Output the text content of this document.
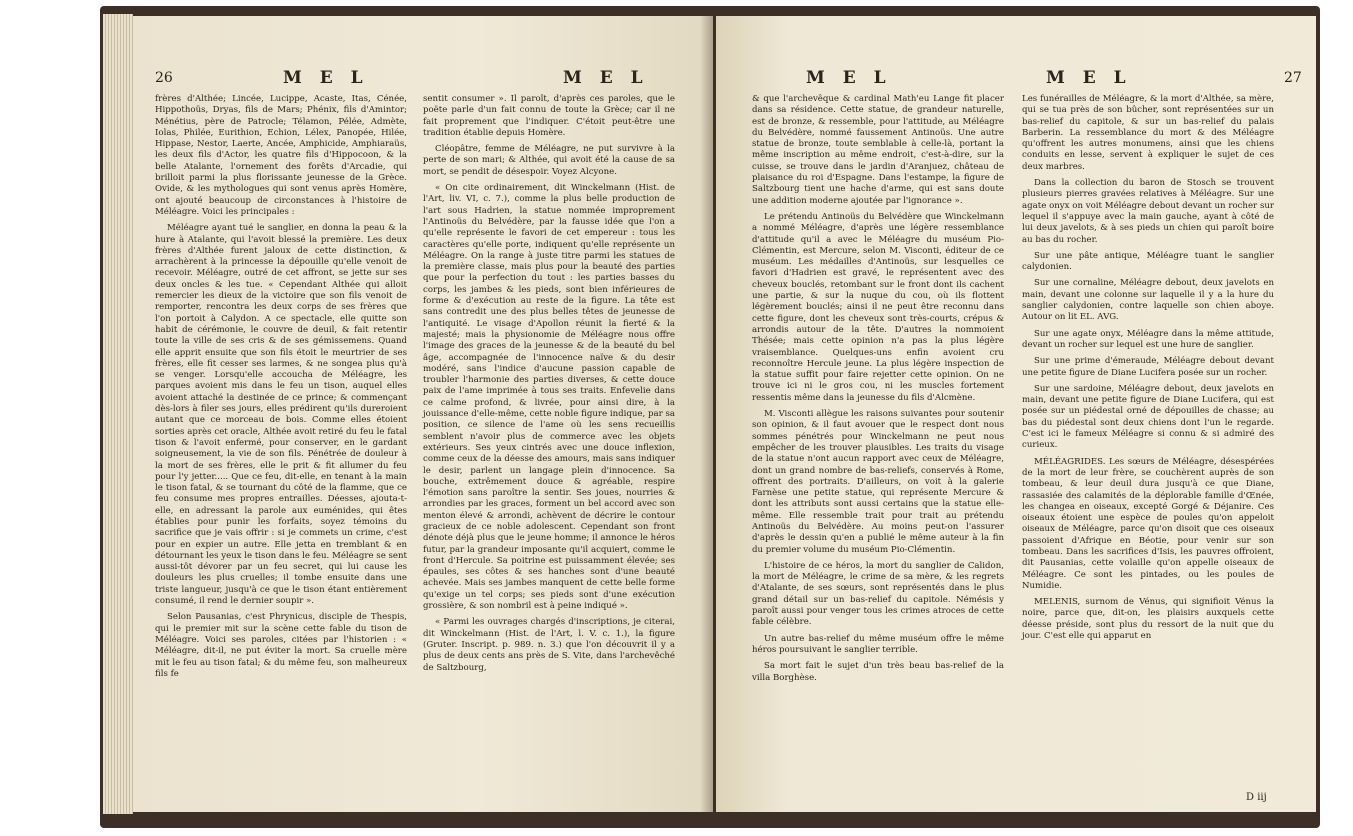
26	M E L	M E L

frères d'Althée; Lincée, Lucippe, Acaste, Itas, Cénée, Hippothoüs, Dryas, fils de Mars; Phénix, fils d'Amintor; Ménétius, père de Patrocle; Télamon, Pélée, Admète, Iolas, Philée, Eurithion, Echion, Lélex, Panopée, Hilée, Hippase, Nestor, Laerte, Ancée, Amphicide, Amphiaraüs, les deux fils d'Actor, les quatre fils d'Hippocoon, & la belle Atalante, l'ornement des forêts d'Arcadie, qui brilloit parmi la plus florissante jeunesse de la Grèce. Ovide, & les mythologues qui sont venus après Homère, ont ajouté beaucoup de circonstances à l'histoire de Méléagre. Voici les principales :

Méléagre ayant tué le sanglier, en donna la peau & la hure à Atalante, qui l'avoit blessé la première. Les deux frères d'Althée furent jaloux de cette distinction, & arrachèrent à la princesse la dépouille qu'elle venoit de recevoir. Méléagre, outré de cet affront, se jette sur ses deux oncles & les tue. « Cependant Althée qui alloit remercier les dieux de la victoire que son fils venoit de remporter, rencontra les deux corps de ses frères que l'on portoit à Calydon. A ce spectacle, elle quitte son habit de cérémonie, le couvre de deuil, & fait retentir toute la ville de ses cris & de ses gémissemens. Quand elle apprit ensuite que son fils étoit le meurtrier de ses frères, elle fit cesser ses larmes, & ne songea plus qu'à se venger. Lorsqu'elle accoucha de Méléagre, les parques avoient mis dans le feu un tison, auquel elles avoient attaché la destinée de ce prince; & commençant dès-lors à filer ses jours, elles prédirent qu'ils dureroient autant que ce morceau de bois. Comme elles étoient sorties après cet oracle, Althée avoit retiré du feu le fatal tison & l'avoit enfermé, pour conserver, en le gardant soigneusement, la vie de son fils. Pénétrée de douleur à la mort de ses frères, elle le prit & fit allumer du feu pour l'y jetter..... Que ce feu, dit-elle, en tenant à la main le tison fatal, & se tournant du côté de la flamme, que ce feu consume mes propres entrailles. Déesses, ajouta-t-elle, en adressant la parole aux euménides, qui êtes établies pour punir les forfaits, soyez témoins du sacrifice que je vais offrir : si je commets un crime, c'est pour en expier un autre. Elle jetta en tremblant & en détournant les yeux le tison dans le feu. Méléagre se sent aussi-tôt dévorer par un feu secret, qui lui cause les douleurs les plus cruelles; il tombe ensuite dans une triste langueur, jusqu'à ce que le tison étant entièrement consumé, il rend le dernier soupir ».

Selon Pausanias, c'est Phrynicus, disciple de Thespis, qui le premier mit sur la scène cette fable du tison de Méléagre. Voici ses paroles, citées par l'historien : « Méléagre, dit-il, ne put éviter la mort. Sa cruelle mère mit le feu au tison fatal; & du même feu, son malheureux fils fe

sentit consumer ». Il paroît, d'après ces paroles, que le poëte parle d'un fait connu de toute la Grèce; car il ne fait proprement que l'indiquer. C'étoit peut-être une tradition établie depuis Homère.

Cléopâtre, femme de Méléagre, ne put survivre à la perte de son mari; & Althée, qui avoit été la cause de sa mort, se pendit de désespoir. Voyez Alcyone.

« On cite ordinairement, dit Winckelmann (Hist. de l'Art, liv. VI, c. 7.), comme la plus belle production de l'art sous Hadrien, la statue nommée improprement l'Antinoüs du Belvédère, par la fausse idée que l'on a qu'elle représente le favori de cet empereur : tous les caractères qu'elle porte, indiquent qu'elle représente un Méléagre. On la range à juste titre parmi les statues de la première classe, mais plus pour la beauté des parties que pour la perfection du tout : les parties basses du corps, les jambes & les pieds, sont bien inférieures de forme & d'exécution au reste de la figure. La tête est sans contredit une des plus belles têtes de jeunesse de l'antiquité. Le visage d'Apollon réunit la fierté & la majesté; mais la physionomie de Méléagre nous offre l'image des graces de la jeunesse & de la beauté du bel âge, accompagnée de l'innocence naïve & du desir modéré, sans l'indice d'aucune passion capable de troubler l'harmonie des parties diverses, & cette douce paix de l'ame imprimée à tous ses traits. Enfevelie dans ce calme profond, & livrée, pour ainsi dire, à la jouissance d'elle-même, cette noble figure indique, par sa position, ce silence de l'ame où les sens recueillis semblent n'avoir plus de commerce avec les objets extérieurs. Ses yeux cintrés avec une douce inflexion, comme ceux de la déesse des amours, mais sans indiquer le desir, parlent un langage plein d'innocence. Sa bouche, extrêmement douce & agréable, respire l'émotion sans paroître la sentir. Ses joues, nourries & arrondies par les graces, forment un bel accord avec son menton élevé & arrondi, achèvent de décrire le contour gracieux de ce noble adolescent. Cependant son front dénote déjà plus que le jeune homme; il annonce le héros futur, par la grandeur imposante qu'il acquiert, comme le front d'Hercule. Sa poitrine est puissamment élevée; ses épaules, ses côtes & ses hanches sont d'une beauté achevée. Mais ses jambes manquent de cette belle forme qu'exige un tel corps; ses pieds sont d'une exécution grossière, & son nombril est à peine indiqué ».

« Parmi les ouvrages chargés d'inscriptions, je citerai, dit Winckelmann (Hist. de l'Art, l. V. c. 1.), la figure (Gruter. Inscript. p. 989. n. 3.) que l'on découvrit il y a plus de deux cents ans près de S. Vite, dans l'archevêché de Saltzbourg,

M E L	M E L	27

& que l'archevêque & cardinal Math'eu Lange fit placer dans sa résidence. Cette statue, de grandeur naturelle, est de bronze, & ressemble, pour l'attitude, au Méléagre du Belvédère, nommé faussement Antinoüs. Une autre statue de bronze, toute semblable à celle-là, portant la même inscription au même endroit, c'est-à-dire, sur la cuisse, se trouve dans le jardin d'Aranjuez, château de plaisance du roi d'Espagne. Dans l'estampe, la figure de Saltzbourg tient une hache d'arme, qui est sans doute une addition moderne ajoutée par l'ignorance ».

Le prétendu Antinoüs du Belvédère que Winckelmann a nommé Méléagre, d'après une légère ressemblance d'attitude qu'il a avec le Méléagre du muséum Pio-Clémentin, est Mercure, selon M. Visconti, éditeur de ce muséum. Les médailles d'Antinoüs, sur lesquelles ce favori d'Hadrien est gravé, le représentent avec des cheveux bouclés, retombant sur le front dont ils cachent une partie, & sur la nuque du cou, où ils flottent légèrement bouclés; ainsi il ne peut être reconnu dans cette figure, dont les cheveux sont très-courts, crépus & arrondis autour de la tête. D'autres la nommoient Thésée; mais cette opinion n'a pas la plus légère vraisemblance. Quelques-uns enfin avoient cru reconnoître Hercule jeune. La plus légère inspection de la statue suffit pour faire rejetter cette opinion. On ne trouve ici ni le gros cou, ni les muscles fortement ressentis même dans la jeunesse du fils d'Alcmène.

M. Visconti allègue les raisons suivantes pour soutenir son opinion, & il faut avouer que le respect dont nous sommes pénétrés pour Winckelmann ne peut nous empêcher de les trouver plausibles. Les traits du visage de la statue n'ont aucun rapport avec ceux de Méléagre, dont un grand nombre de bas-reliefs, conservés à Rome, offrent des portraits. D'ailleurs, on voit à la galerie Farnèse une petite statue, qui représente Mercure & dont les attributs sont aussi certains que la statue elle-même. Elle ressemble trait pour trait au prétendu Antinoüs du Belvédère. Au moins peut-on l'assurer d'après le dessin qu'en a publié le même auteur à la fin du premier volume du muséum Pio-Clémentin.

L'histoire de ce héros, la mort du sanglier de Calidon, la mort de Méléagre, le crime de sa mère, & les regrets d'Atalante, de ses sœurs, sont représentés dans le plus grand détail sur un bas-relief du capitole. Némésis y paroît aussi pour venger tous les crimes atroces de cette fable célèbre.

Un autre bas-relief du même muséum offre le même héros poursuivant le sanglier terrible.

Sa mort fait le sujet d'un très beau bas-relief de la villa Borghèse.

Les funérailles de Méléagre, & la mort d'Althée, sa mère, qui se tua près de son bûcher, sont représentées sur un bas-relief du capitole, & sur un bas-relief du palais Barberin. La ressemblance du mort & des Méléagre qu'offrent les autres monumens, ainsi que les chiens conduits en lesse, servent à expliquer le sujet de ces deux marbres.

Dans la collection du baron de Stosch se trouvent plusieurs pierres gravées relatives à Méléagre. Sur une agate onyx on voit Méléagre debout devant un rocher sur lequel il s'appuye avec la main gauche, ayant à côté de lui deux javelots, & à ses pieds un chien qui paroît boire au bas du rocher.

Sur une pâte antique, Méléagre tuant le sanglier calydonien.

Sur une cornaline, Méléagre debout, deux javelots en main, devant une colonne sur laquelle il y a la hure du sanglier calydonien, contre laquelle son chien aboye. Autour on lit EL. AVG.

Sur une agate onyx, Méléagre dans la même attitude, devant un rocher sur lequel est une hure de sanglier.

Sur une prime d'émeraude, Méléagre debout devant une petite figure de Diane Lucifera posée sur un rocher.

Sur une sardoine, Méléagre debout, deux javelots en main, devant une petite figure de Diane Lucifera, qui est posée sur un piédestal orné de dépouilles de chasse; au bas du piédestal sont deux chiens dont l'un le regarde. C'est ici le fameux Méléagre si connu & si admiré des curieux.

MÉLÉAGRIDES. Les sœurs de Méléagre, désespérées de la mort de leur frère, se couchèrent auprès de son tombeau, & leur deuil dura jusqu'à ce que Diane, rassasiée des calamités de la déplorable famille d'Œnée, les changea en oiseaux, excepté Gorgé & Déjanire. Ces oiseaux étoient une espèce de poules qu'on appeloit oiseaux de Méléagre, parce qu'on disoit que ces oiseaux passoient d'Afrique en Béotie, pour venir sur son tombeau. Dans les sacrifices d'Isis, les pauvres offroient, dit Pausanias, cette volaille qu'on appelle oiseaux de Méléagre. Ce sont les pintades, ou les poules de Numidie.

MELENIS, surnom de Vénus, qui signifioit Vénus la noire, parce que, dit-on, les plaisirs auxquels cette déesse préside, sont plus du ressort de la nuit que du jour. C'est elle qui apparut en

D iij
